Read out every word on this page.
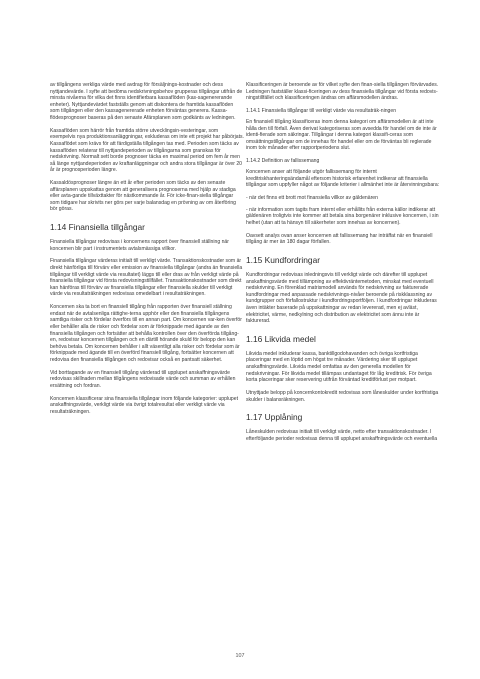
av tillgångens verkliga värde med avdrag för försäljnings-kostnader och dess nyttjandevärde. I syfte att bedöma nedskrivningsbehov grupperas tillgångar utifrån de minsta nivåerna för vilka det finns identifierbara kassaflöden (kas-sagenererande enheter). Nyttjandevärdet fastställs genom att diskontera de framtida kassaflöden som tillgången eller den kassagenererade enheten förväntas generera. Kassa-flödesprognoser baseras på den senaste Afärsplanen som godkänts av ledningen.

Kassaflöden som härrör från framtida större utvecklingsin-vesteringar, som exempelvis nya produktionsanläggningar, exkluderas om inte ett projekt har påbörjats. Kassaflödet som krävs för att färdigställa tillgången tas med. Perioden som täcks av kassaflöden relaterar till nyttjandeperioden av tillgångarna som granskas för nedskrivning. Normalt sett borde prognoser täcka en maximal period om fem år men så länge nyttjandeperioden av kraftanläggningar och andra stora tillgångar är över 20 år är prognosperioden längre.

Kassaldösprognoser längre än ett år efter perioden som täcks av den senaste affärsplanen uppskattas genom att generalisera prognoserna med hjälp av stadiga eller avta-gande tillväxttakter för nästkommande år. För icke-finan-siella tillgångar som tidigare har skrivits ner görs per varje balansdag en prövning av om återföring bör göras.

1.14 Finansiella tillgångar

Finansiella tillgångar redovisas i koncernens rapport över finansiell ställning när koncernen blir part i instrumentets avtalsmässiga villkor.

Finansiella tillgångar värderas initialt till verkligt värde. Transaktionskostnader som är direkt hänförliga till förvärv eller emission av finansiella tillgångar (andra än finansiella tillgångar till verkligt värde via resultatet) läggs till eller dras av från verkligt värde på finansiella tillgångar vid första redovisningstillfället. Transaktionskostnader som direkt kan hänföras till förvärv av finansiella tillgångar eller finansiella skulder till verkligt värde via resultaträkningen redovisas omedelbart i resultaträkningen.

Koncernen ska ta bort en finansiell tillgång från rapporten över finansiell ställning endast när de avtalsenliga rättighe-terna upphör eller den finansiella tillgångens samtliga risker och fördelar överförs till en annan part. Om koncernen var-ken överför eller behåller alla de risker och fördelar som är förknippade med ägande av den finansiella tillgången och fortsätter att behålla kontrollen över den överförda tillgång-en, redovisar koncernen tillgången och en därtill hörande skuld för belopp den kan behöva betala. Om koncernen behåller i allt väsentligt alla risker och fördelar som är förknippade med ägande till en överförd finansiell tillgång, fortsätter koncernen att redovisa den finansiella tillgången och redovisar också en pantsatt säkerhet.

Vid borttagande av en finansiell tillgång värderad till upplupet anskaffningsvärde redovisas skillnaden mellan tillgångens redovisade värde och summan av erhållen ersättning och fordran.

Koncernen klassificerar sina finansiella tillgångar inom följande kategorier: upplupet anskaffningsvärde, verkligt värde via övrigt totalresultat eller verkligt värde via resultaträkningen.

Klassificeringen är beroende av för vilket syfte den finan-siella tillgången förvärvades. Ledningen fastställer klassi-ficeringen av dess finansiella tillgångar vid första redovis-ningstillfället och klassificeringen ändras om affärsmodellen ändras.

1.14.1 Finansiella tillgångar till verkligt värde via resultaträk-ningen

En finansiell tillgång klassificeras inom denna kategori om affärsmodellen är att inte hålla den till förfall. Även derivat kategoriseras som avsedda för handel om de inte är identi-fierade som säkringar. Tillgångar i denna kategori klassifi-ceras som omsättningstillgångar om de innehas för handel eller om de förväntas bli reglerade inom tolv månader efter rapportperiodens slut.

1.14.2 Definition av fallissemang

Koncernen anser att följande utgör fallissemang för internt kreditriskhanteringsändamål eftersom historisk erfarenhet indikerar att finansiella tillgångar som uppfyller något av följande kriterier i allmänhet inte är återvinningsbara:

- när det finns ett brott mot finansiella villkor av gäldenären

- när information som tagits fram internt eller erhållits från externa källor indikerar att gäldenären troligtvis inte kommer att betala sina borgenärer inklusive koncernen, i sin helhet (utan att ta hänsyn till säkerheter som innehas av koncernen).

Oavsett analys ovan anser koncernen att fallissemang har inträffat när en finansiell tillgång är mer än 180 dagar förfallen.

1.15 Kundfordringar

Kundfordringar redovisas inledningsvis till verkligt värde och därefter till upplupet anskaffningsvärde med tillämpning av effektivräntemetoden, minskat med eventuell nedskrivning. En förenklad matrismodell används för nedskrivning av fakturerade kundfordringar med anpassade nedskrivnings-nivåer beroende på riskklassning av kundgrupper och förfallostruktur i kundfordringsportföljen. I kundfordringar inkluderas även intäkter baserade på uppskattningar av redan levererad, men ej avläst, elektricitet, värme, nedkylning och distribution av elektricitet som ännu inte är fakturerad.

1.16 Likvida medel

Likvida medel inkluderar kassa, banktillgodohavanden och övriga kortfristiga placeringar med en löptid om högst tre månader. Värdering sker till upplupet anskaffningsvärde. Likvida medel omfattas av den generella modellen för nedskrivningar. För likvida medel tillämpas undantaget för låg kreditrisk. För övriga korta placeringar sker reservering utifrån förväntad kreditförlust per motpart.

Utnyttjade belopp på koncernkontokredit redovisas som låneskulder under kortfristiga skulder i balansräkningen.

1.17 Upplåning

Låneskulden redovisas initialt till verkligt värde, netto efter transaktionskostnader. I efterföljande perioder redovisas denna till upplupet anskaffningsvärde och eventuella

107
